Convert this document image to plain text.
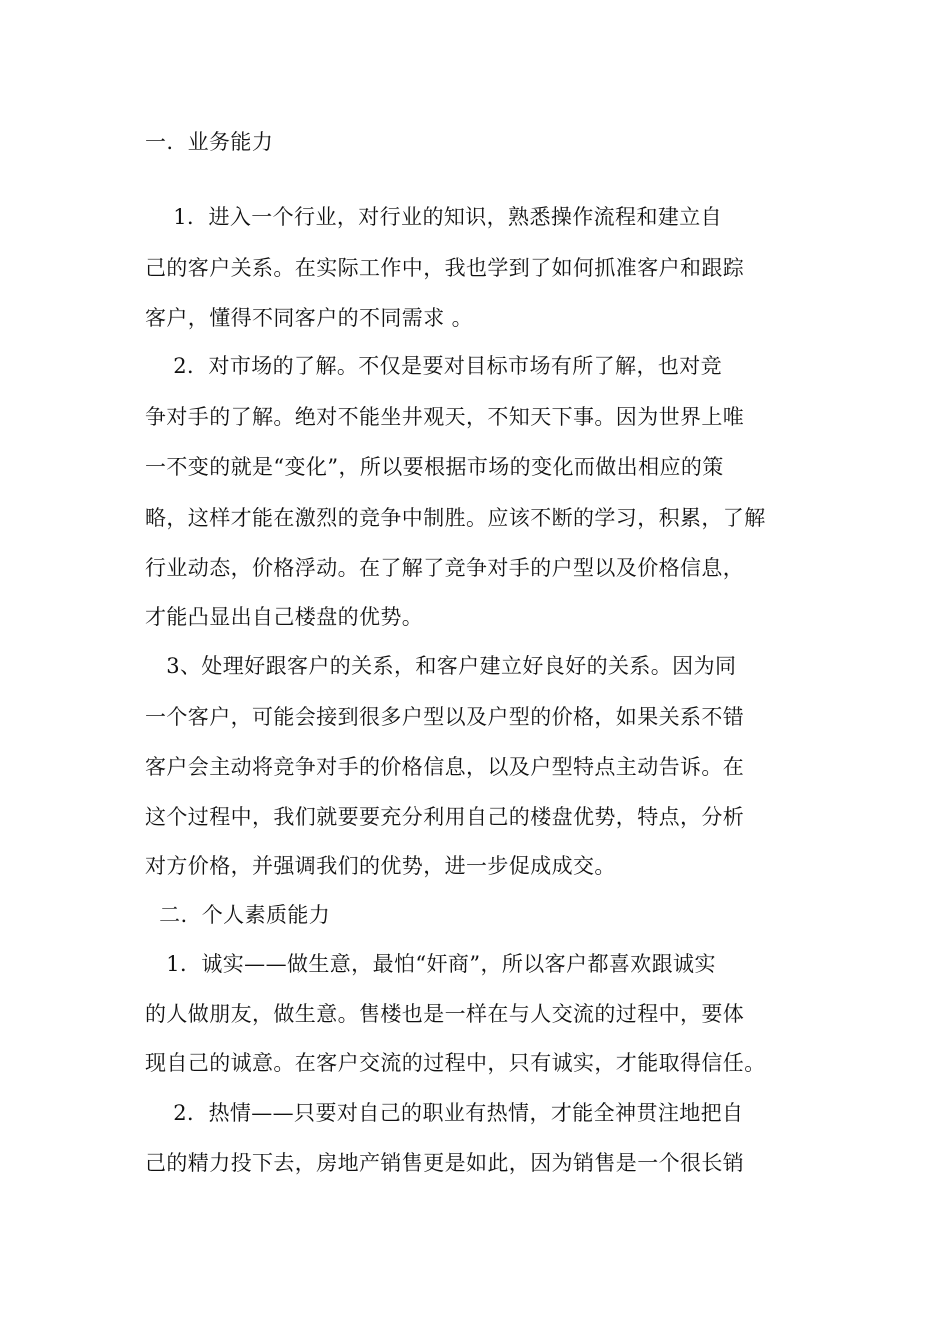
一.  业务能力
1．进入一个行业，对行业的知识，熟悉操作流程和建立自
己的客户关系。在实际工作中，我也学到了如何抓准客户和跟踪
客户，懂得不同客户的不同需求 。
2．对市场的了解。不仅是要对目标市场有所了解，也对竞
争对手的了解。绝对不能坐井观天，不知天下事。因为世界上唯
一不变的就是“变化”，所以要根据市场的变化而做出相应的策
略，这样才能在激烈的竞争中制胜。应该不断的学习，积累，了解
行业动态，价格浮动。在了解了竞争对手的户型以及价格信息，
才能凸显出自己楼盘的优势。
3、处理好跟客户的关系，和客户建立好良好的关系。因为同
一个客户，可能会接到很多户型以及户型的价格，如果关系不错
客户会主动将竞争对手的价格信息，以及户型特点主动告诉。在
这个过程中，我们就要要充分利用自己的楼盘优势，特点，分析
对方价格，并强调我们的优势，进一步促成成交。
二.  个人素质能力
1．诚实——做生意，最怕“奸商”，所以客户都喜欢跟诚实
的人做朋友，做生意。售楼也是一样在与人交流的过程中，要体
现自己的诚意。在客户交流的过程中，只有诚实，才能取得信任。
2．热情——只要对自己的职业有热情，才能全神贯注地把自
己的精力投下去，房地产销售更是如此，因为销售是一个很长销
